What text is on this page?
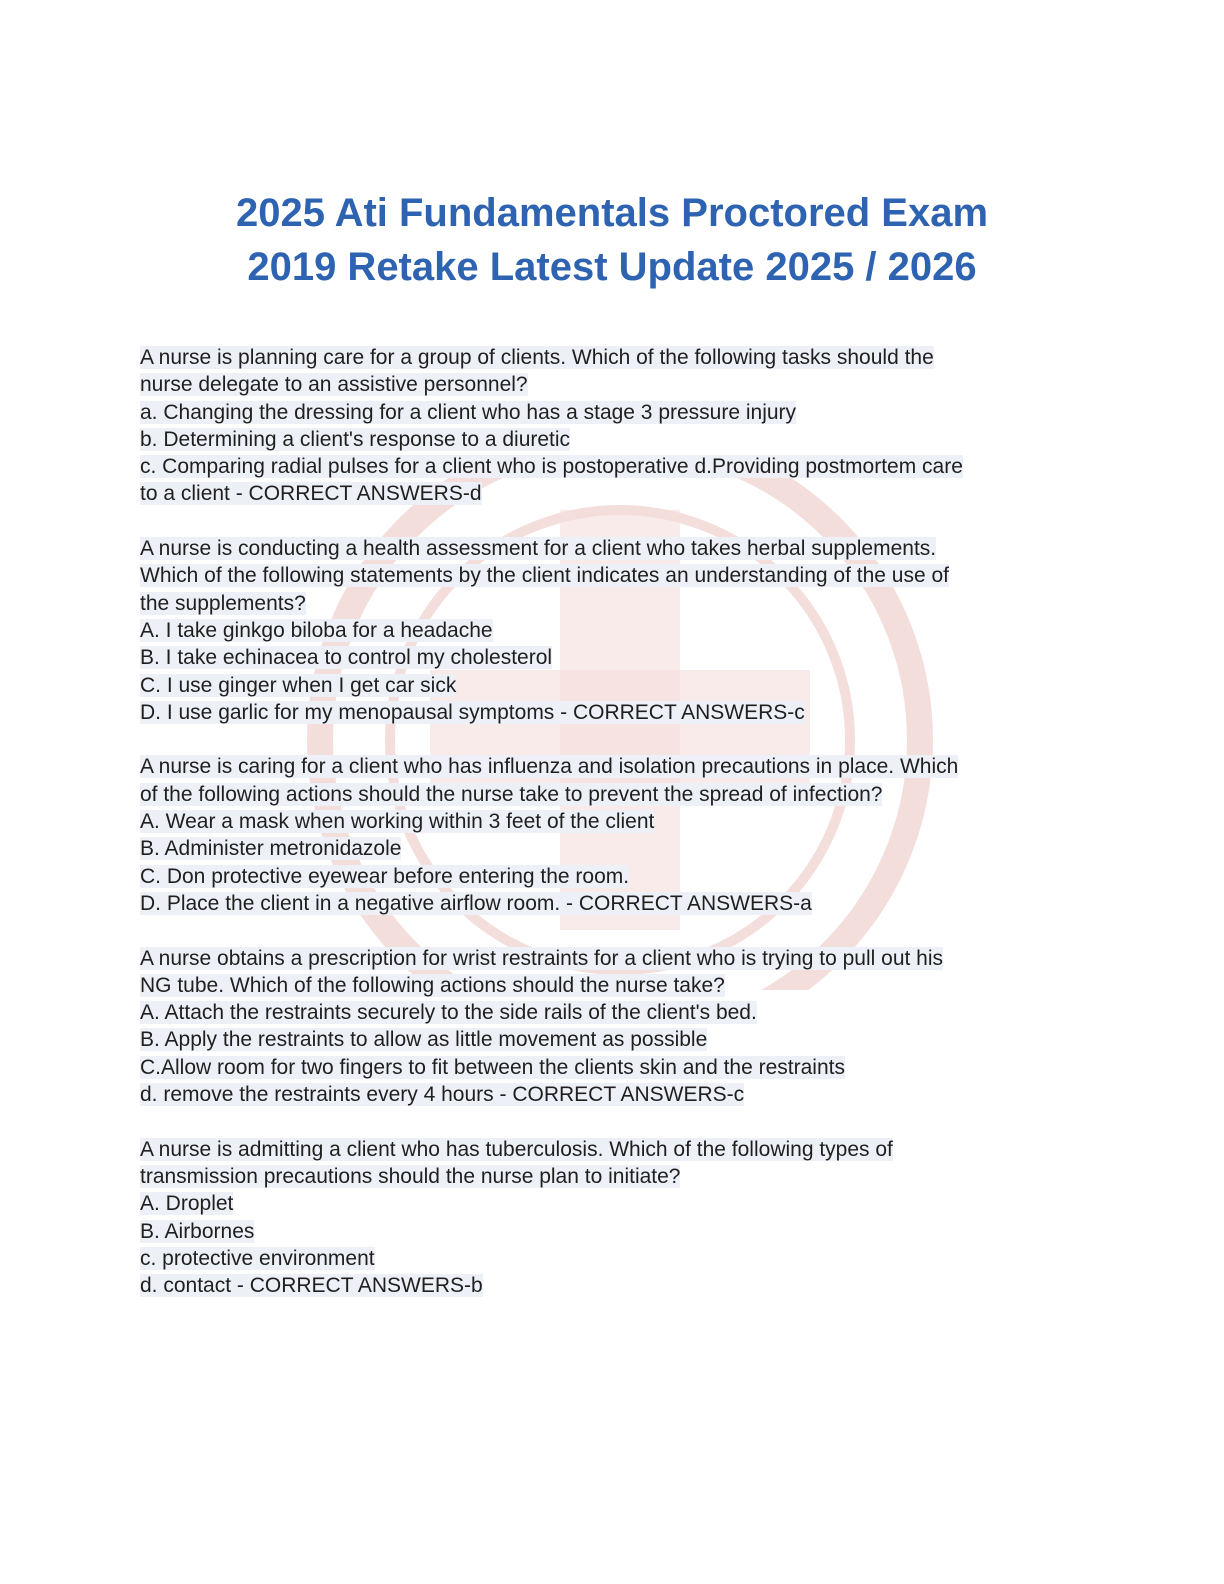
2025 Ati Fundamentals Proctored Exam
2019 Retake Latest Update 2025 / 2026
A nurse is planning care for a group of clients. Which of the following tasks should the
nurse delegate to an assistive personnel?
a. Changing the dressing for a client who has a stage 3 pressure injury
b. Determining a client's response to a diuretic
c. Comparing radial pulses for a client who is postoperative d.Providing postmortem care
to a client - CORRECT ANSWERS-d
A nurse is conducting a health assessment for a client who takes herbal supplements.
Which of the following statements by the client indicates an understanding of the use of
the supplements?
A. I take ginkgo biloba for a headache
B. I take echinacea to control my cholesterol
C. I use ginger when I get car sick
D. I use garlic for my menopausal symptoms - CORRECT ANSWERS-c
A nurse is caring for a client who has influenza and isolation precautions in place. Which
of the following actions should the nurse take to prevent the spread of infection?
A. Wear a mask when working within 3 feet of the client
B. Administer metronidazole
C. Don protective eyewear before entering the room.
D. Place the client in a negative airflow room. - CORRECT ANSWERS-a
A nurse obtains a prescription for wrist restraints for a client who is trying to pull out his
NG tube. Which of the following actions should the nurse take?
A. Attach the restraints securely to the side rails of the client's bed.
B. Apply the restraints to allow as little movement as possible
C.Allow room for two fingers to fit between the clients skin and the restraints
d. remove the restraints every 4 hours - CORRECT ANSWERS-c
A nurse is admitting a client who has tuberculosis. Which of the following types of
transmission precautions should the nurse plan to initiate?
A. Droplet
B. Airbornes
c. protective environment
d. contact - CORRECT ANSWERS-b
